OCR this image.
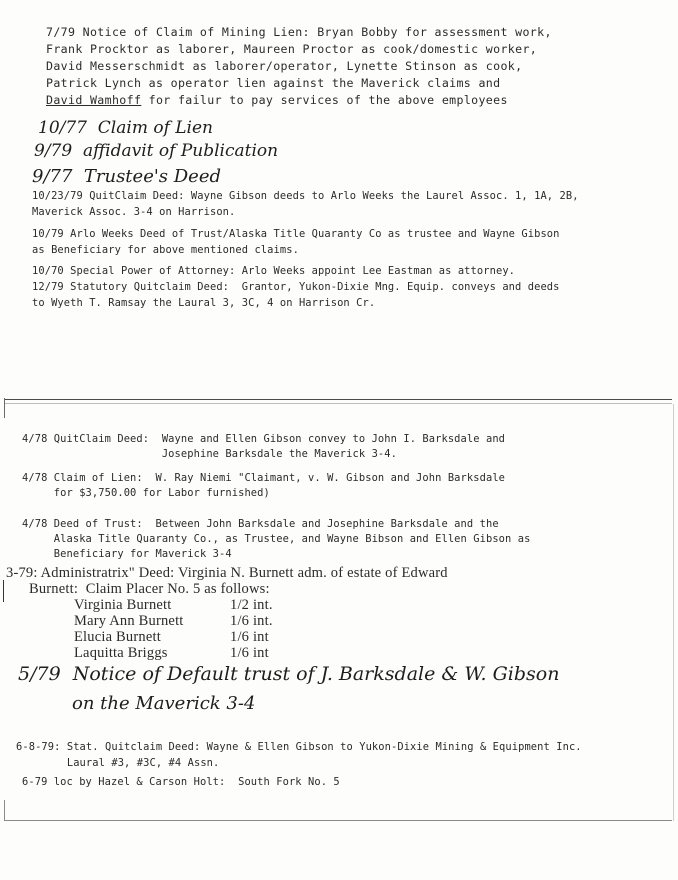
7/79 Notice of Claim of Mining Lien: Bryan Bobby for assessment work,
Frank Procktor as laborer, Maureen Proctor as cook/domestic worker,
David Messerschmidt as laborer/operator, Lynette Stinson as cook,
Patrick Lynch as operator lien against the Maverick claims and
David Wamhoff for failur to pay services of the above employees
10/77  Claim of Lien
9/79  affidavit of Publication
9/77  Trustee's Deed
10/23/79 QuitClaim Deed: Wayne Gibson deeds to Arlo Weeks the Laurel Assoc. 1, 1A, 2B,
Maverick Assoc. 3-4 on Harrison.
10/79 Arlo Weeks Deed of Trust/Alaska Title Quaranty Co as trustee and Wayne Gibson
as Beneficiary for above mentioned claims.
10/70 Special Power of Attorney: Arlo Weeks appoint Lee Eastman as attorney.
12/79 Statutory Quitclaim Deed:  Grantor, Yukon-Dixie Mng. Equip. conveys and deeds
to Wyeth T. Ramsay the Laural 3, 3C, 4 on Harrison Cr.
4/78 QuitClaim Deed:  Wayne and Ellen Gibson convey to John I. Barksdale and
Josephine Barksdale the Maverick 3-4.
4/78 Claim of Lien:  W. Ray Niemi "Claimant, v. W. Gibson and John Barksdale
for $3,750.00 for Labor furnished)
4/78 Deed of Trust:  Between John Barksdale and Josephine Barksdale and the
Alaska Title Quaranty Co., as Trustee, and Wayne Bibson and Ellen Gibson as
Beneficiary for Maverick 3-4
3-79: Administratrix" Deed: Virginia N. Burnett adm. of estate of Edward
Burnett:  Claim Placer No. 5 as follows:
Virginia Burnett	1/2 int.
Mary Ann Burnett	1/6 int.
Elucia Burnett	1/6 int
Laquitta Briggs	1/6 int
5/79  Notice of Default trust of J. Barksdale & W. Gibson
on the Maverick 3-4
6-8-79: Stat. Quitclaim Deed: Wayne & Ellen Gibson to Yukon-Dixie Mining & Equipment Inc.
Laural #3, #3C, #4 Assn.
6-79 loc by Hazel & Carson Holt:  South Fork No. 5
